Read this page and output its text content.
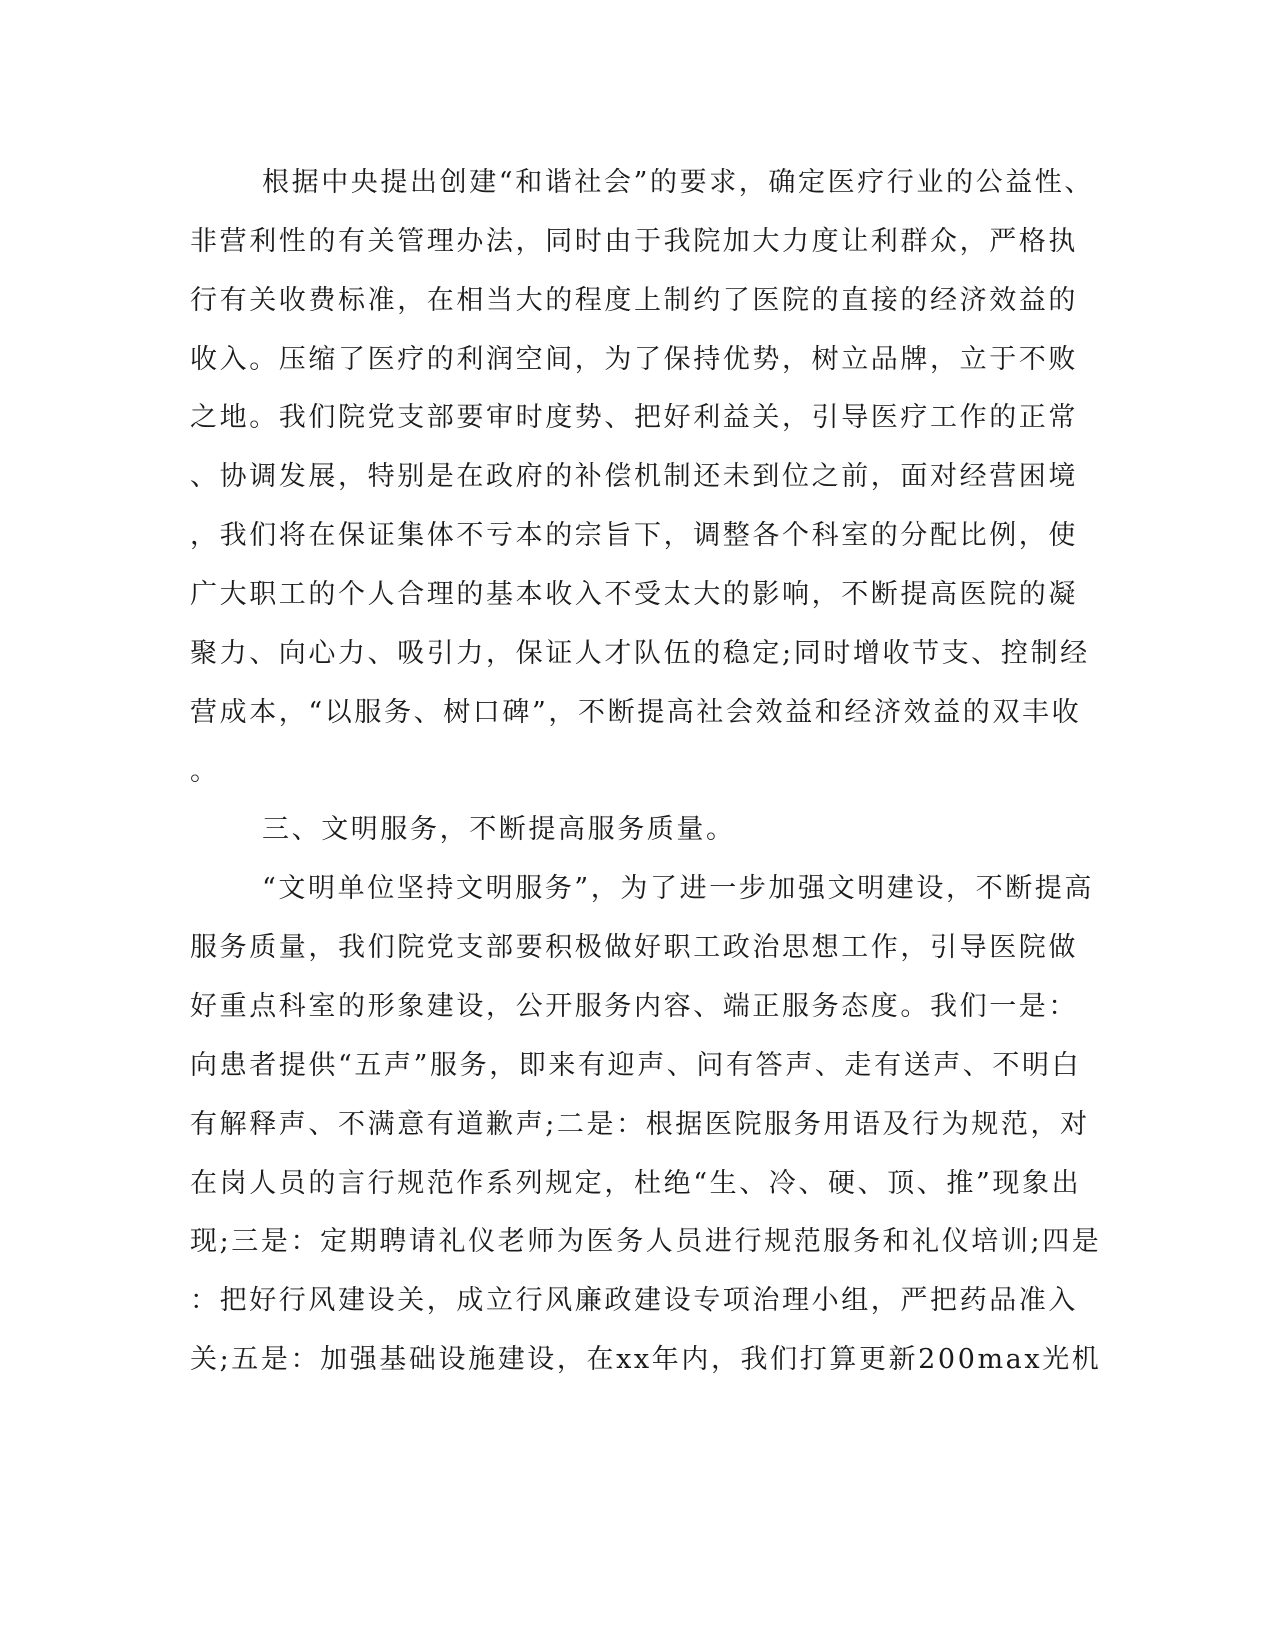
根据中央提出创建“和谐社会”的要求，确定医疗行业的公益性、
非营利性的有关管理办法，同时由于我院加大力度让利群众，严格执
行有关收费标准，在相当大的程度上制约了医院的直接的经济效益的
收入。压缩了医疗的利润空间，为了保持优势，树立品牌，立于不败
之地。我们院党支部要审时度势、把好利益关，引导医疗工作的正常
、协调发展，特别是在政府的补偿机制还未到位之前，面对经营困境
，我们将在保证集体不亏本的宗旨下，调整各个科室的分配比例，使
广大职工的个人合理的基本收入不受太大的影响，不断提高医院的凝
聚力、向心力、吸引力，保证人才队伍的稳定;同时增收节支、控制经
营成本，“以服务、树口碑”，不断提高社会效益和经济效益的双丰收
。
三、文明服务，不断提高服务质量。
“文明单位坚持文明服务”，为了进一步加强文明建设，不断提高
服务质量，我们院党支部要积极做好职工政治思想工作，引导医院做
好重点科室的形象建设，公开服务内容、端正服务态度。我们一是：
向患者提供“五声”服务，即来有迎声、问有答声、走有送声、不明白
有解释声、不满意有道歉声;二是：根据医院服务用语及行为规范，对
在岗人员的言行规范作系列规定，杜绝“生、冷、硬、顶、推”现象出
现;三是：定期聘请礼仪老师为医务人员进行规范服务和礼仪培训;四是
：把好行风建设关，成立行风廉政建设专项治理小组，严把药品准入
关;五是：加强基础设施建设，在xx年内，我们打算更新200max光机
